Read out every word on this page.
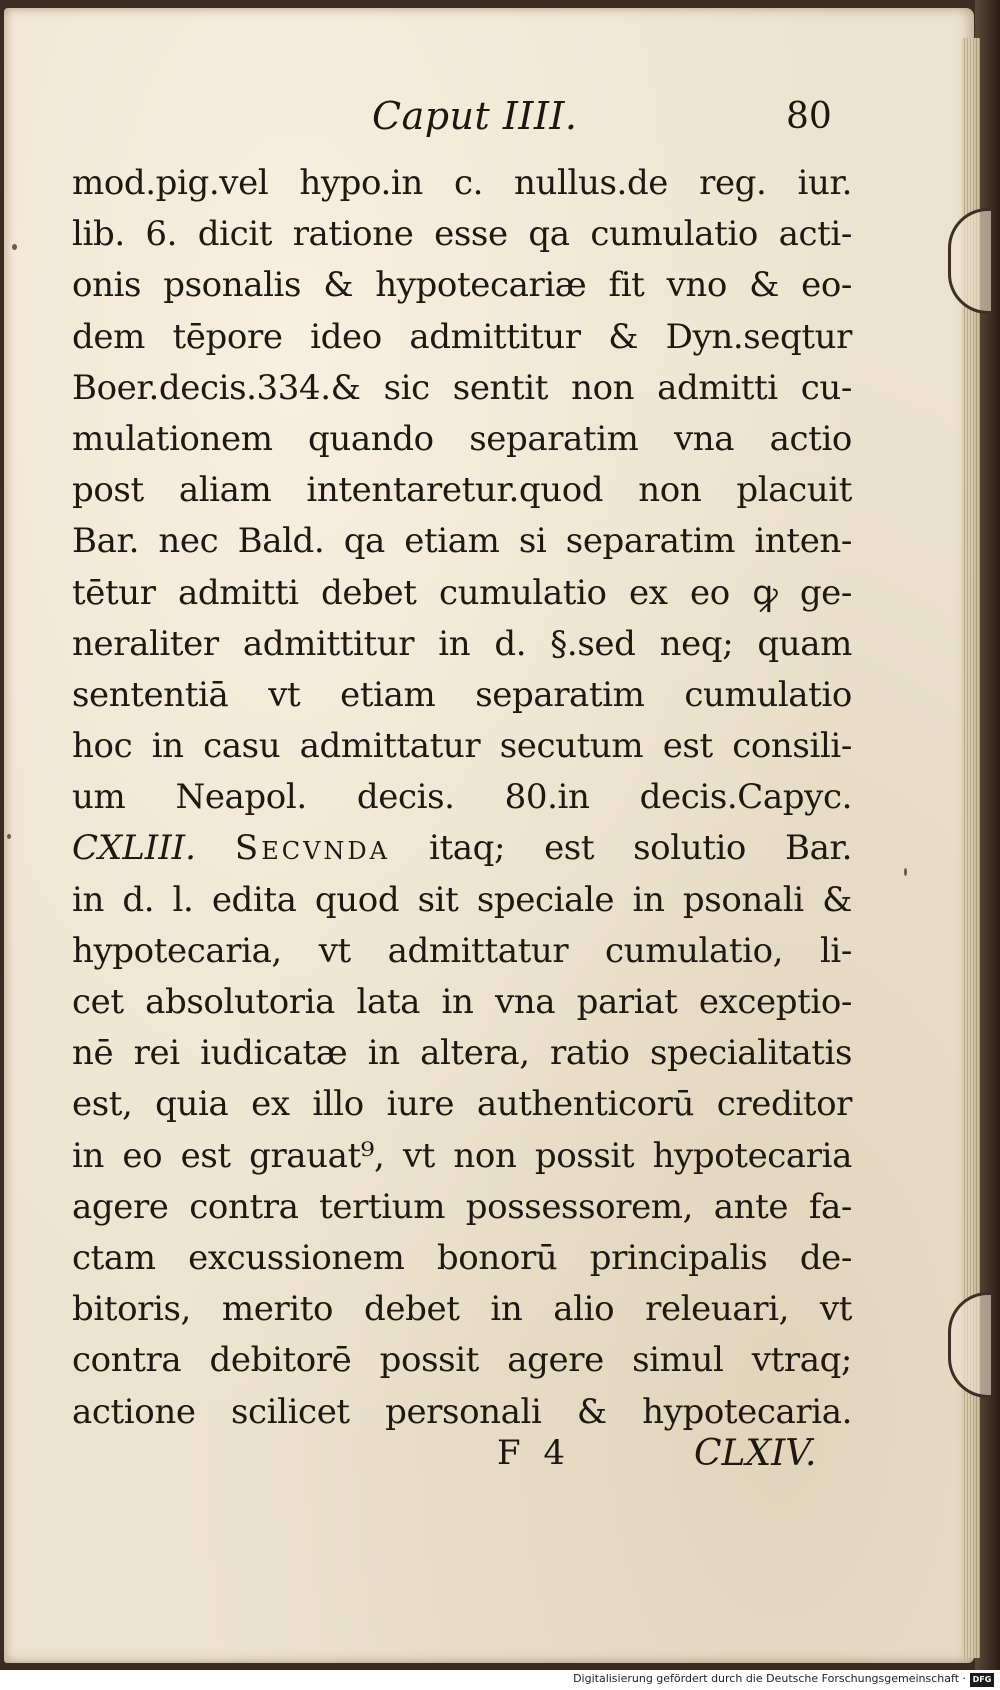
Caput IIII.	80
mod.pig.vel hypo.in c. nullus.de reg. iur.
lib. 6. dicit ratione esse qa cumulatio acti-
onis psonalis & hypotecariæ fit vno & eo-
dem tēpore ideo admittitur & Dyn.seqtur
Boer.decis.334.& sic sentit non admitti cu-
mulationem quando separatim vna actio
post aliam intentaretur.quod non placuit
Bar. nec Bald. qa etiam si separatim inten-
tētur admitti debet cumulatio ex eo ꝙ ge-
neraliter admittitur in d. §.sed neq; quam
sententiā vt etiam separatim cumulatio
hoc in casu admittatur secutum est consili-
um Neapol. decis. 80.in decis.Capyc.
CXLIII. Secvnda itaq; est solutio Bar.
in d. l. edita quod sit speciale in psonali &
hypotecaria, vt admittatur cumulatio, li-
cet absolutoria lata in vna pariat exceptio-
nē rei iudicatæ in altera, ratio specialitatis
est, quia ex illo iure authenticorū creditor
in eo est grauat⁹, vt non possit hypotecaria
agere contra tertium possessorem, ante fa-
ctam excussionem bonorū principalis de-
bitoris, merito debet in alio releuari, vt
contra debitorē possit agere simul vtraq;
actione scilicet personali & hypotecaria.
F 4	CLXIV.
Digitalisierung gefördert durch die Deutsche Forschungsgemeinschaft · DFG
